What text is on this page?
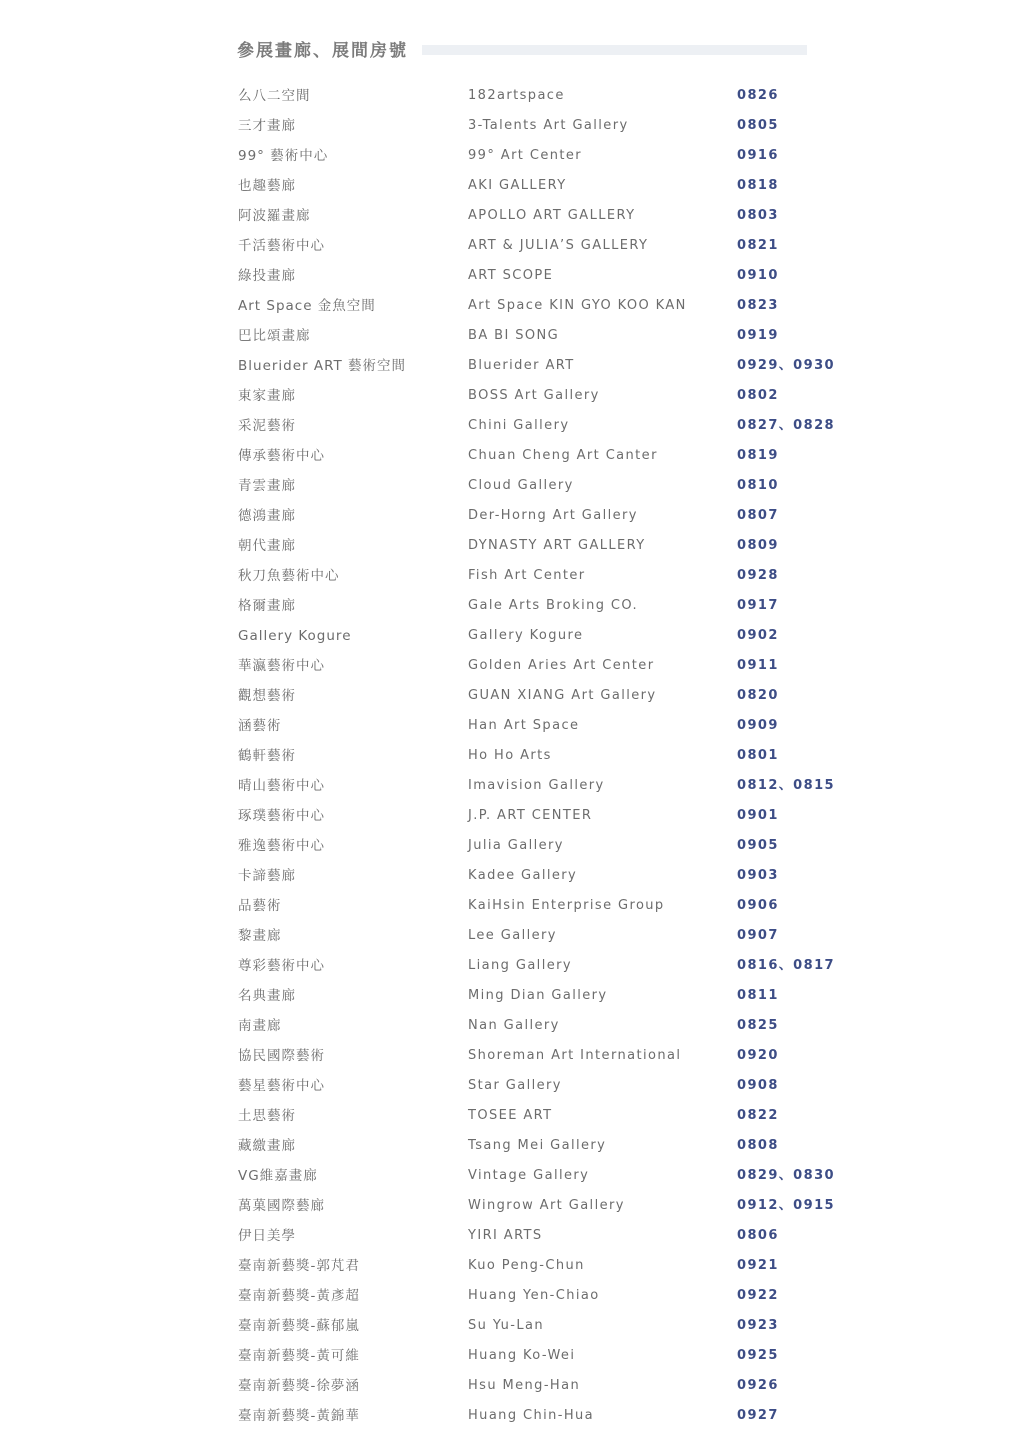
參展畫廊、展間房號
么八二空間	182artspace	0826
三才畫廊	3-Talents Art Gallery	0805
99° 藝術中心	99° Art Center	0916
也趣藝廊	AKI GALLERY	0818
阿波羅畫廊	APOLLO ART GALLERY	0803
千活藝術中心	ART & JULIA’S GALLERY	0821
綠投畫廊	ART SCOPE	0910
Art Space 金魚空間	Art Space KIN GYO KOO KAN	0823
巴比頌畫廊	BA BI SONG	0919
Bluerider ART 藝術空間	Bluerider ART	0929、0930
東家畫廊	BOSS Art Gallery	0802
采泥藝術	Chini Gallery	0827、0828
傳承藝術中心	Chuan Cheng Art Canter	0819
青雲畫廊	Cloud Gallery	0810
德鴻畫廊	Der-Horng Art Gallery	0807
朝代畫廊	DYNASTY ART GALLERY	0809
秋刀魚藝術中心	Fish Art Center	0928
格爾畫廊	Gale Arts Broking CO.	0917
Gallery Kogure	Gallery Kogure	0902
華瀛藝術中心	Golden Aries Art Center	0911
觀想藝術	GUAN XIANG Art Gallery	0820
涵藝術	Han Art Space	0909
鶴軒藝術	Ho Ho Arts	0801
晴山藝術中心	Imavision Gallery	0812、0815
琢璞藝術中心	J.P. ART CENTER	0901
雅逸藝術中心	Julia Gallery	0905
卡諦藝廊	Kadee Gallery	0903
品藝術	KaiHsin Enterprise Group	0906
黎畫廊	Lee Gallery	0907
尊彩藝術中心	Liang Gallery	0816、0817
名典畫廊	Ming Dian Gallery	0811
南畫廊	Nan Gallery	0825
協民國際藝術	Shoreman Art International	0920
藝星藝術中心	Star Gallery	0908
土思藝術	TOSEE ART	0822
藏繳畫廊	Tsang Mei Gallery	0808
VG維嘉畫廊	Vintage Gallery	0829、0830
萬菓國際藝廊	Wingrow Art Gallery	0912、0915
伊日美學	YIRI ARTS	0806
臺南新藝獎-郭芃君	Kuo Peng-Chun	0921
臺南新藝獎-黃彥超	Huang Yen-Chiao	0922
臺南新藝獎-蘇郁嵐	Su Yu-Lan	0923
臺南新藝獎-黃可維	Huang Ko-Wei	0925
臺南新藝獎-徐夢涵	Hsu Meng-Han	0926
臺南新藝獎-黃錦華	Huang Chin-Hua	0927
